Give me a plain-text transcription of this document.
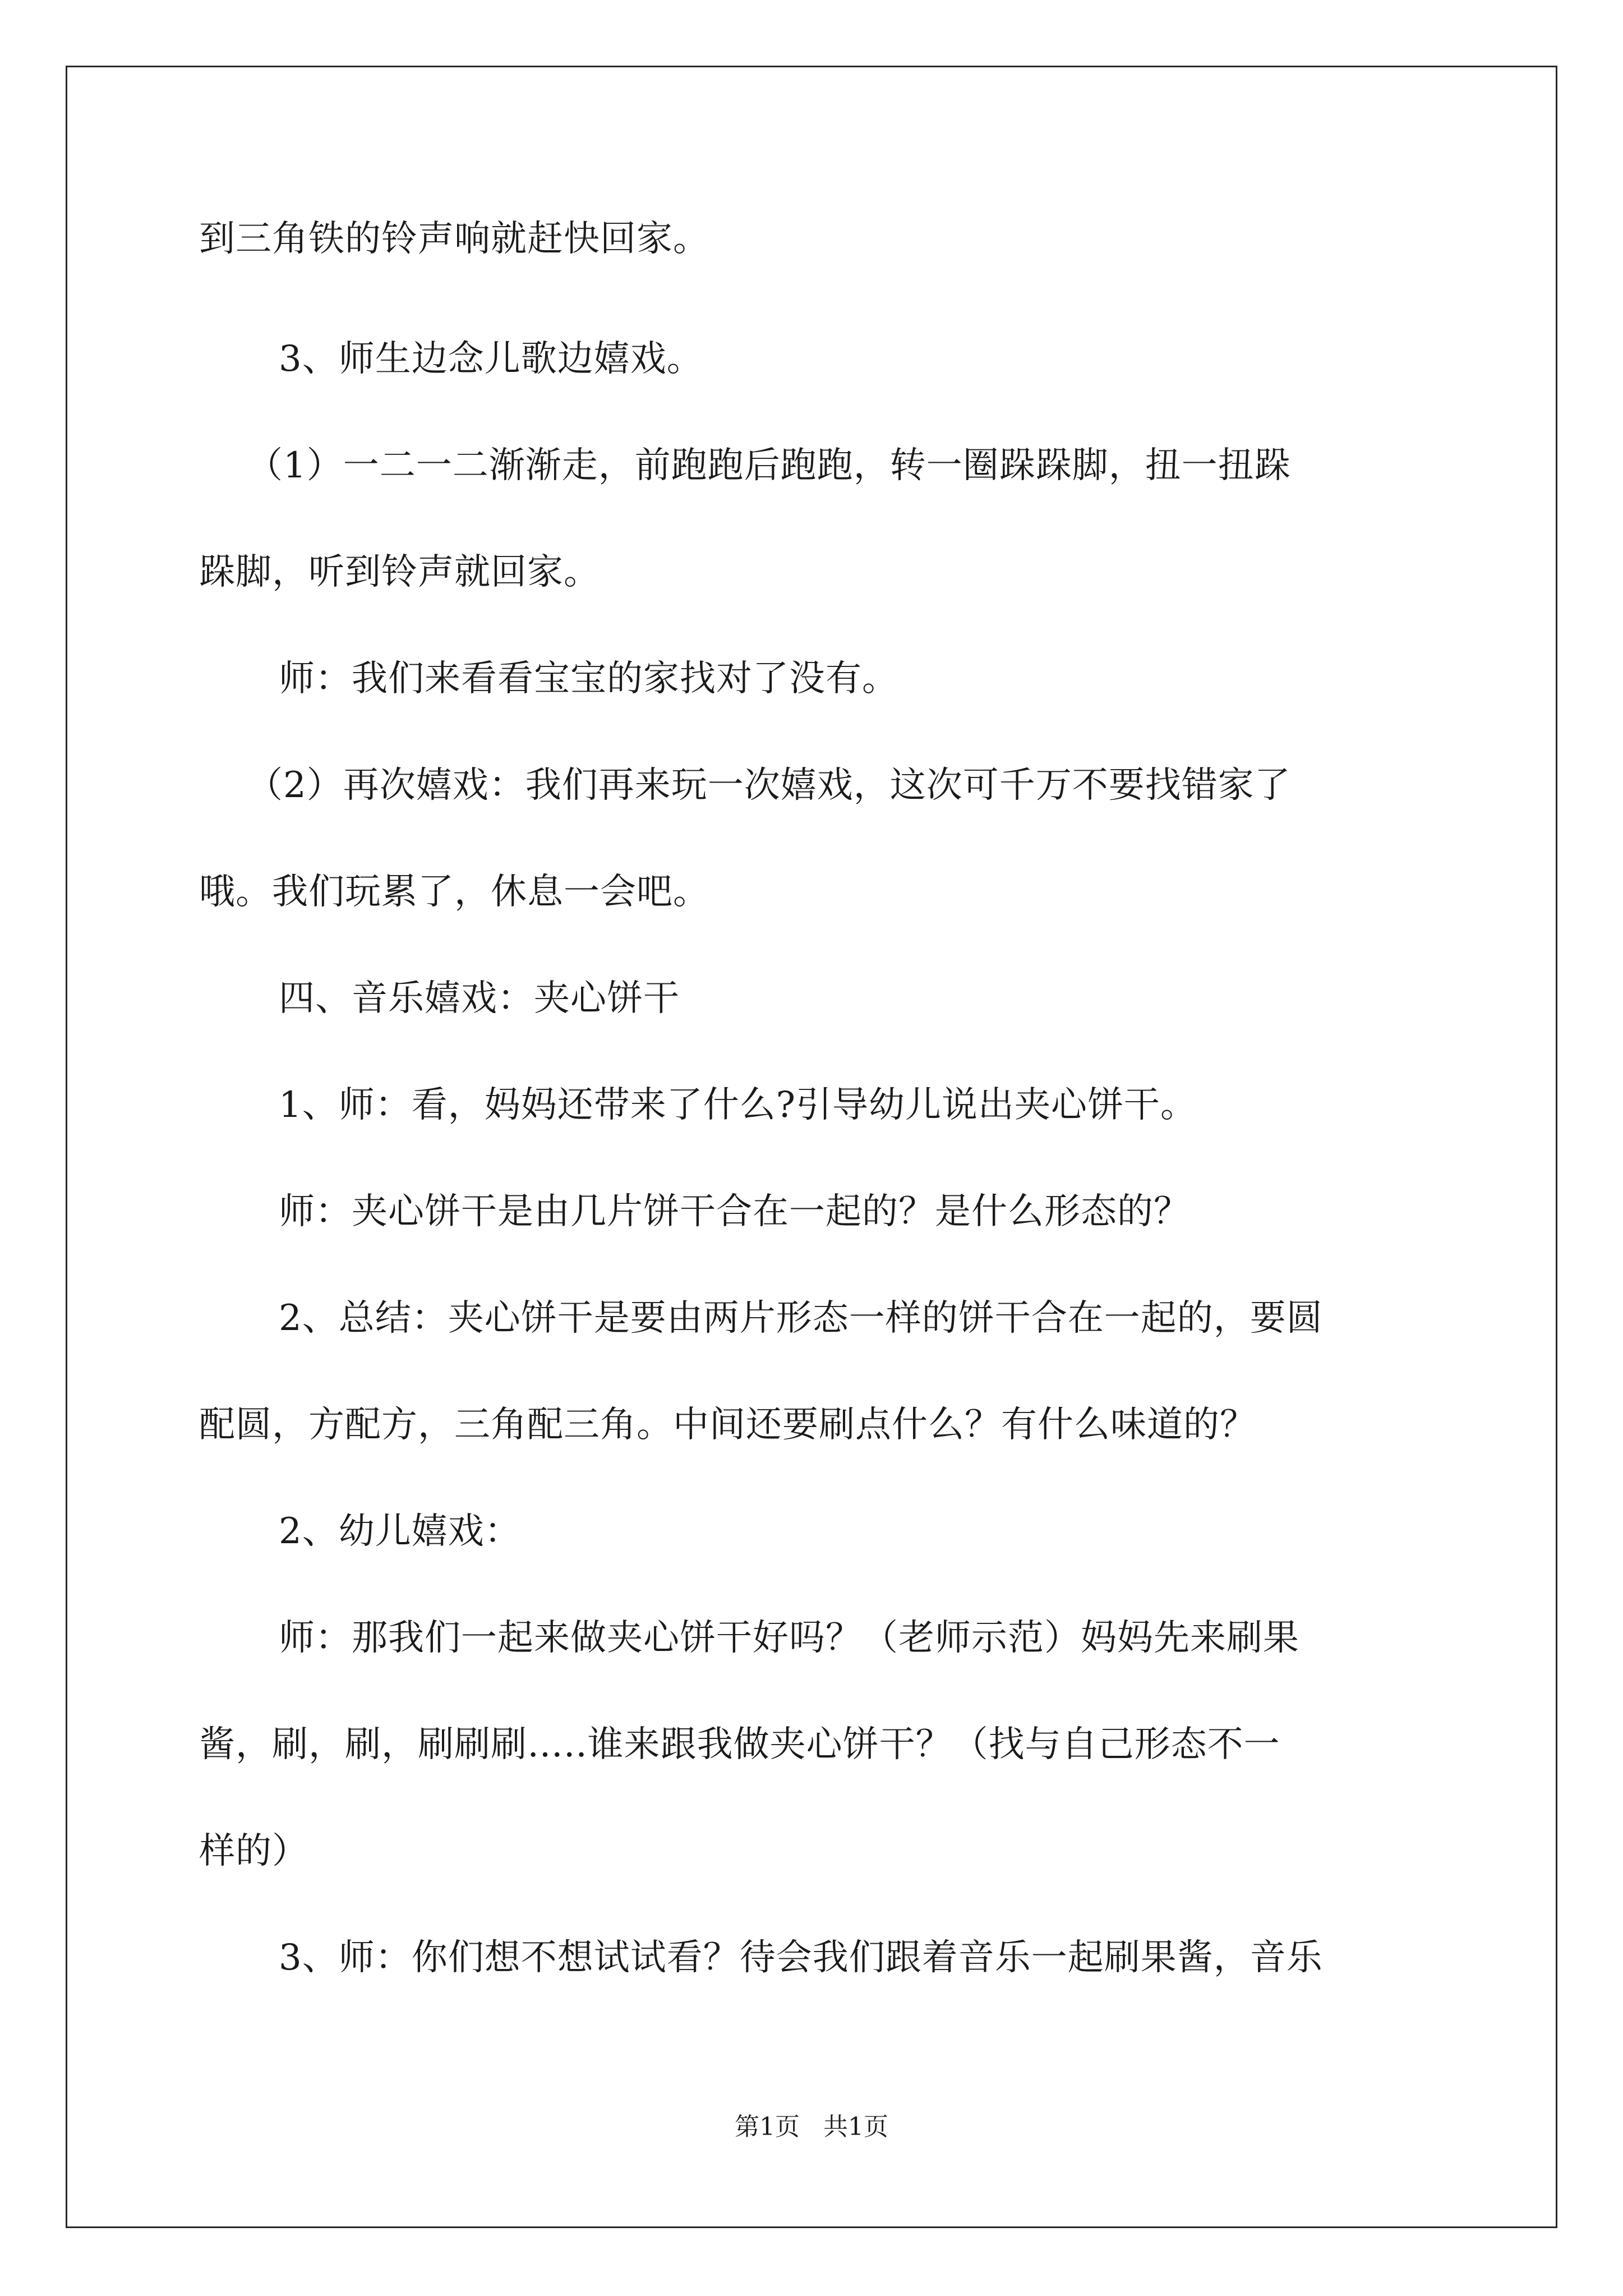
到三角铁的铃声响就赶快回家。
3、师生边念儿歌边嬉戏。
（1）一二一二渐渐走，前跑跑后跑跑，转一圈跺跺脚，扭一扭跺
跺脚，听到铃声就回家。
师：我们来看看宝宝的家找对了没有。
（2）再次嬉戏：我们再来玩一次嬉戏，这次可千万不要找错家了
哦。我们玩累了，休息一会吧。
四、音乐嬉戏：夹心饼干
1、师：看，妈妈还带来了什么?引导幼儿说出夹心饼干。
师：夹心饼干是由几片饼干合在一起的？是什么形态的？
2、总结：夹心饼干是要由两片形态一样的饼干合在一起的，要圆
配圆，方配方，三角配三角。中间还要刷点什么？有什么味道的？
2、幼儿嬉戏：
师：那我们一起来做夹心饼干好吗？（老师示范）妈妈先来刷果
酱，刷，刷，刷刷刷…..谁来跟我做夹心饼干？（找与自己形态不一
样的）
3、师：你们想不想试试看？待会我们跟着音乐一起刷果酱，音乐
第1页   共1页
